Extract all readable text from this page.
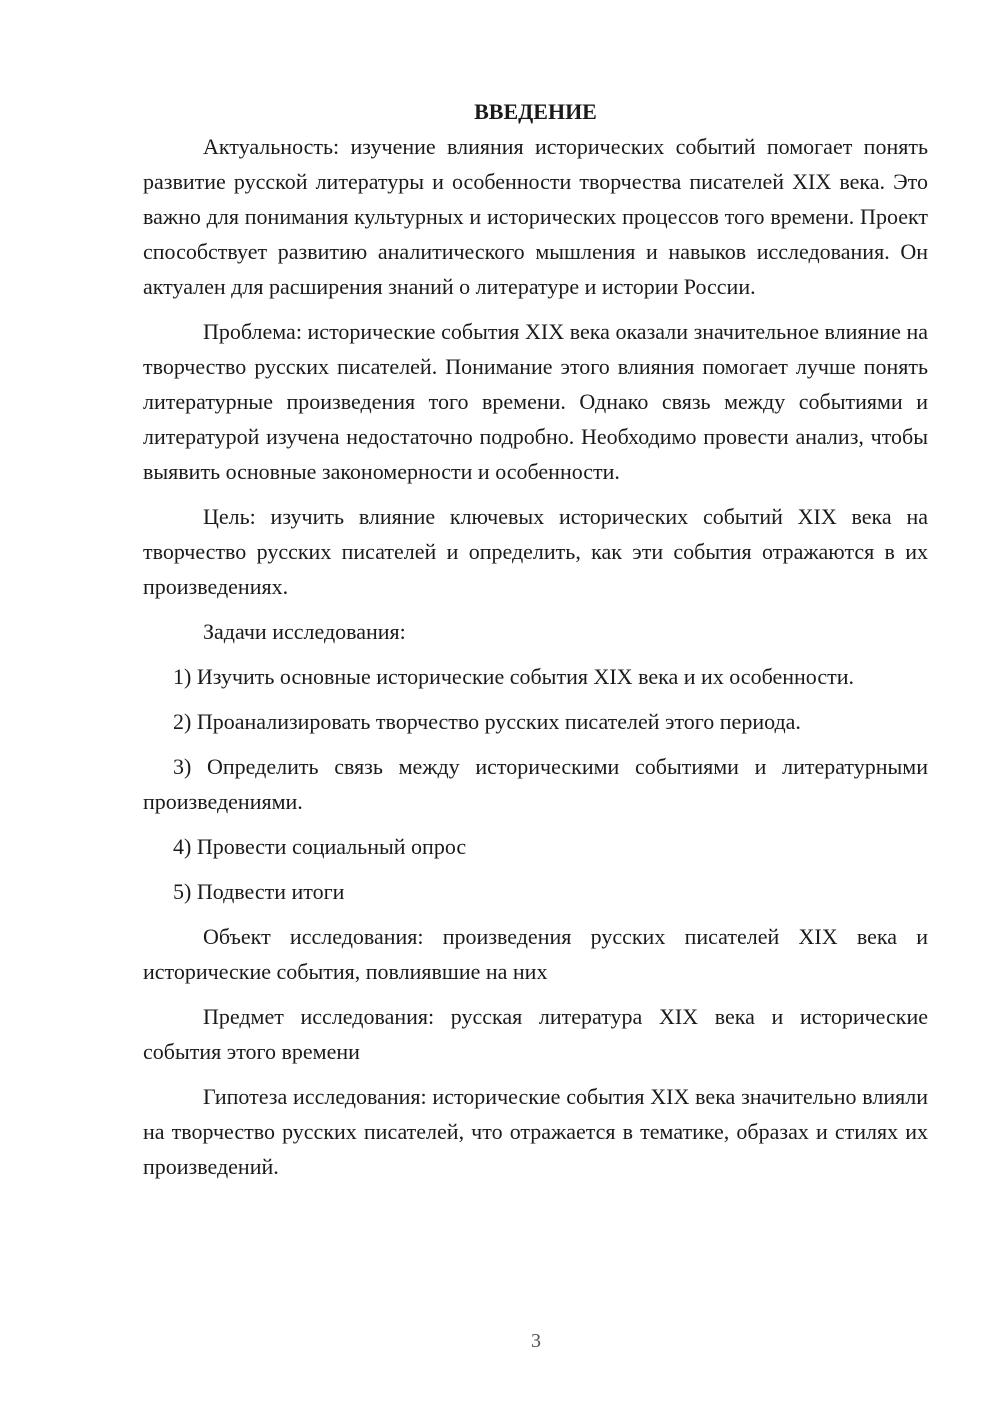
ВВЕДЕНИЕ

Актуальность: изучение влияния исторических событий помогает понять развитие русской литературы и особенности творчества писателей XIX века. Это важно для понимания культурных и исторических процессов того времени. Проект способствует развитию аналитического мышления и навыков исследования. Он актуален для расширения знаний о литературе и истории России.

Проблема: исторические события XIX века оказали значительное влияние на творчество русских писателей. Понимание этого влияния помогает лучше понять литературные произведения того времени. Однако связь между событиями и литературой изучена недостаточно подробно. Необходимо провести анализ, чтобы выявить основные закономерности и особенности.

Цель: изучить влияние ключевых исторических событий XIX века на творчество русских писателей и определить, как эти события отражаются в их произведениях.

Задачи исследования:

1) Изучить основные исторические события XIX века и их особенности.

2) Проанализировать творчество русских писателей этого периода.

3) Определить связь между историческими событиями и литературными произведениями.

4) Провести социальный опрос

5) Подвести итоги

Объект исследования: произведения русских писателей XIX века и исторические события, повлиявшие на них

Предмет исследования: русская литература XIX века и исторические события этого времени

Гипотеза исследования: исторические события XIX века значительно влияли на творчество русских писателей, что отражается в тематике, образах и стилях их произведений.

3
